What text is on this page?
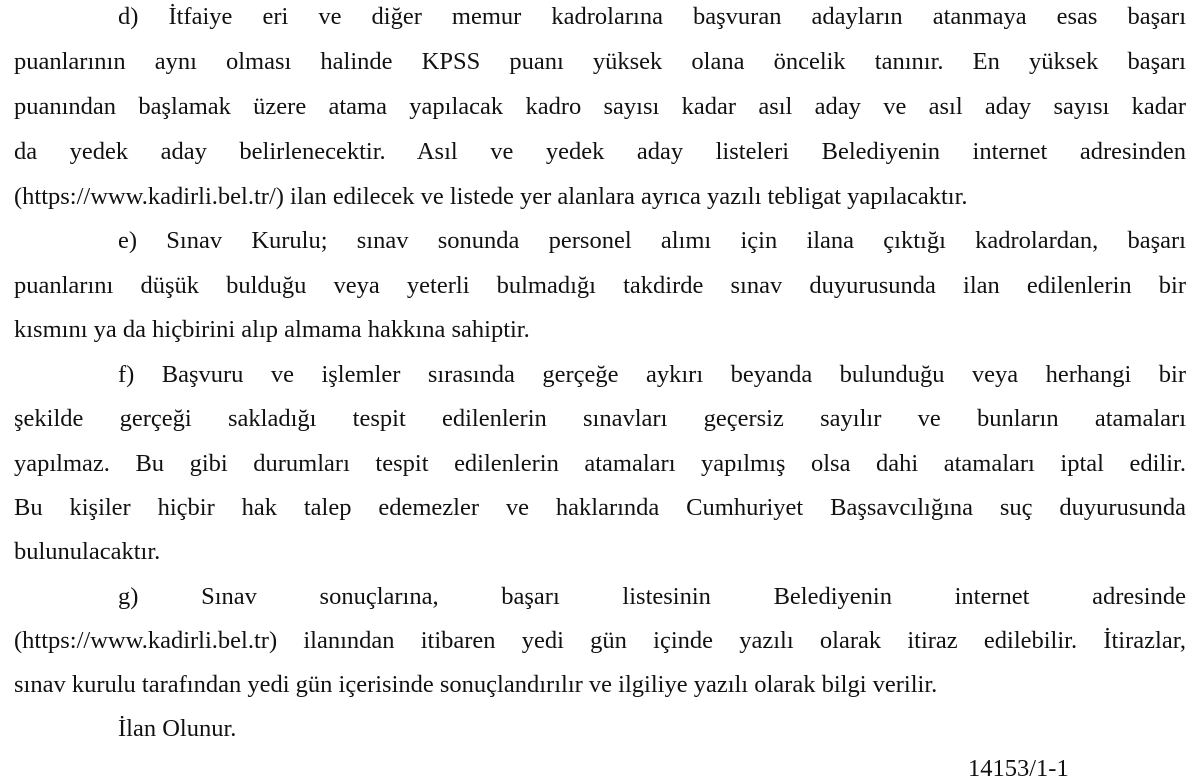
d) İtfaiye eri ve diğer memur kadrolarına başvuran adayların atanmaya esas başarı

puanlarının aynı olması halinde KPSS puanı yüksek olana öncelik tanınır. En yüksek başarı

puanından başlamak üzere atama yapılacak kadro sayısı kadar asıl aday ve asıl aday sayısı kadar

da yedek aday belirlenecektir. Asıl ve yedek aday listeleri Belediyenin internet adresinden

(https://www.kadirli.bel.tr/) ilan edilecek ve listede yer alanlara ayrıca yazılı tebligat yapılacaktır.

e) Sınav Kurulu; sınav sonunda personel alımı için ilana çıktığı kadrolardan, başarı

puanlarını düşük bulduğu veya yeterli bulmadığı takdirde sınav duyurusunda ilan edilenlerin bir

kısmını ya da hiçbirini alıp almama hakkına sahiptir.

f) Başvuru ve işlemler sırasında gerçeğe aykırı beyanda bulunduğu veya herhangi bir

şekilde gerçeği sakladığı tespit edilenlerin sınavları geçersiz sayılır ve bunların atamaları

yapılmaz. Bu gibi durumları tespit edilenlerin atamaları yapılmış olsa dahi atamaları iptal edilir.

Bu kişiler hiçbir hak talep edemezler ve haklarında Cumhuriyet Başsavcılığına suç duyurusunda

bulunulacaktır.

g) Sınav sonuçlarına, başarı listesinin Belediyenin internet adresinde

(https://www.kadirli.bel.tr) ilanından itibaren yedi gün içinde yazılı olarak itiraz edilebilir. İtirazlar,

sınav kurulu tarafından yedi gün içerisinde sonuçlandırılır ve ilgiliye yazılı olarak bilgi verilir.

İlan Olunur.

14153/1-1
